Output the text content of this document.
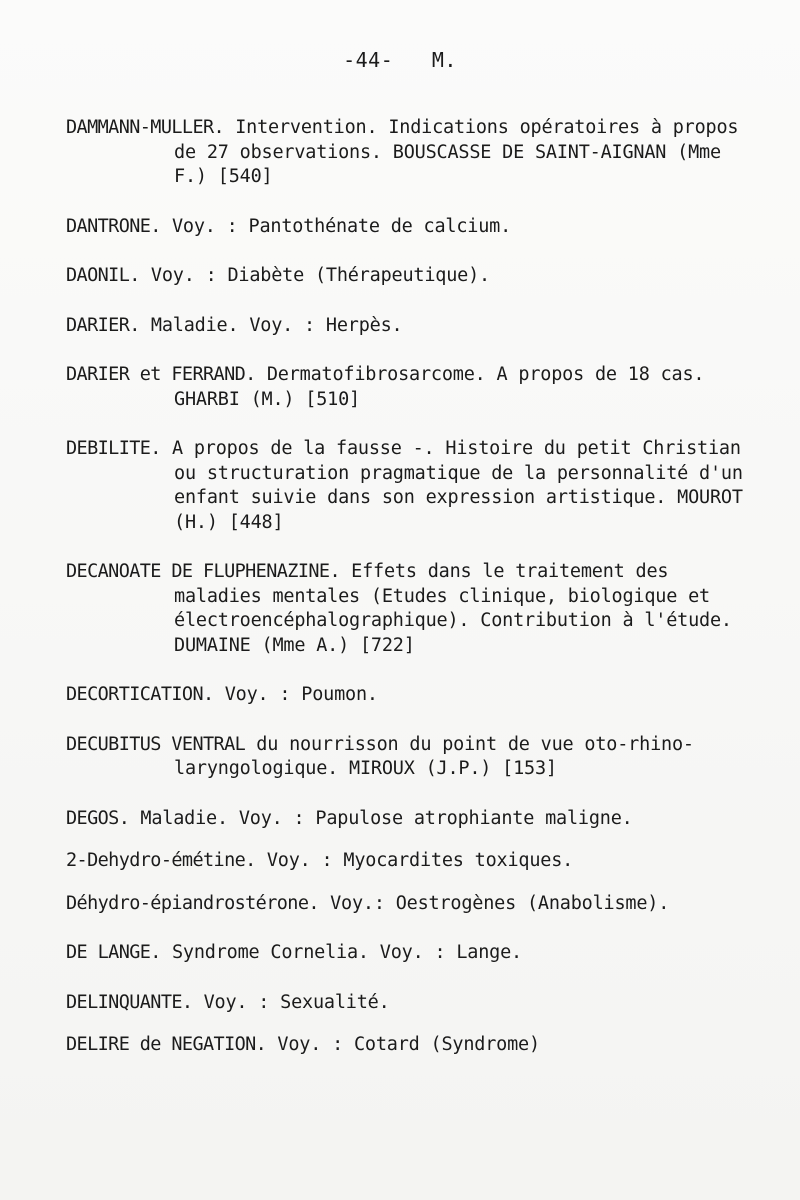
-44- M.

DAMMANN-MULLER. Intervention. Indications opératoires à propos de 27 observations. BOUSCASSE DE SAINT-AIGNAN (Mme F.) [540]

DANTRONE. Voy. : Pantothénate de calcium.

DAONIL. Voy. : Diabète (Thérapeutique).

DARIER. Maladie. Voy. : Herpès.

DARIER et FERRAND. Dermatofibrosarcome. A propos de 18 cas. GHARBI (M.) [510]

DEBILITE. A propos de la fausse -. Histoire du petit Christian ou structuration pragmatique de la personnalité d'un enfant suivie dans son expression artistique. MOUROT (H.) [448]

DECANOATE DE FLUPHENAZINE. Effets dans le traitement des maladies mentales (Etudes clinique, biologique et électroencéphalographique). Contribution à l'étude. DUMAINE (Mme A.) [722]

DECORTICATION. Voy. : Poumon.

DECUBITUS VENTRAL du nourrisson du point de vue oto-rhino-laryngologique. MIROUX (J.P.) [153]

DEGOS. Maladie. Voy. : Papulose atrophiante maligne.

2-Dehydro-émétine. Voy. : Myocardites toxiques.

Déhydro-épiandrostérone. Voy.: Oestrogènes (Anabolisme).

DE LANGE. Syndrome Cornelia. Voy. : Lange.

DELINQUANTE. Voy. : Sexualité.

DELIRE de NEGATION. Voy. : Cotard (Syndrome)
